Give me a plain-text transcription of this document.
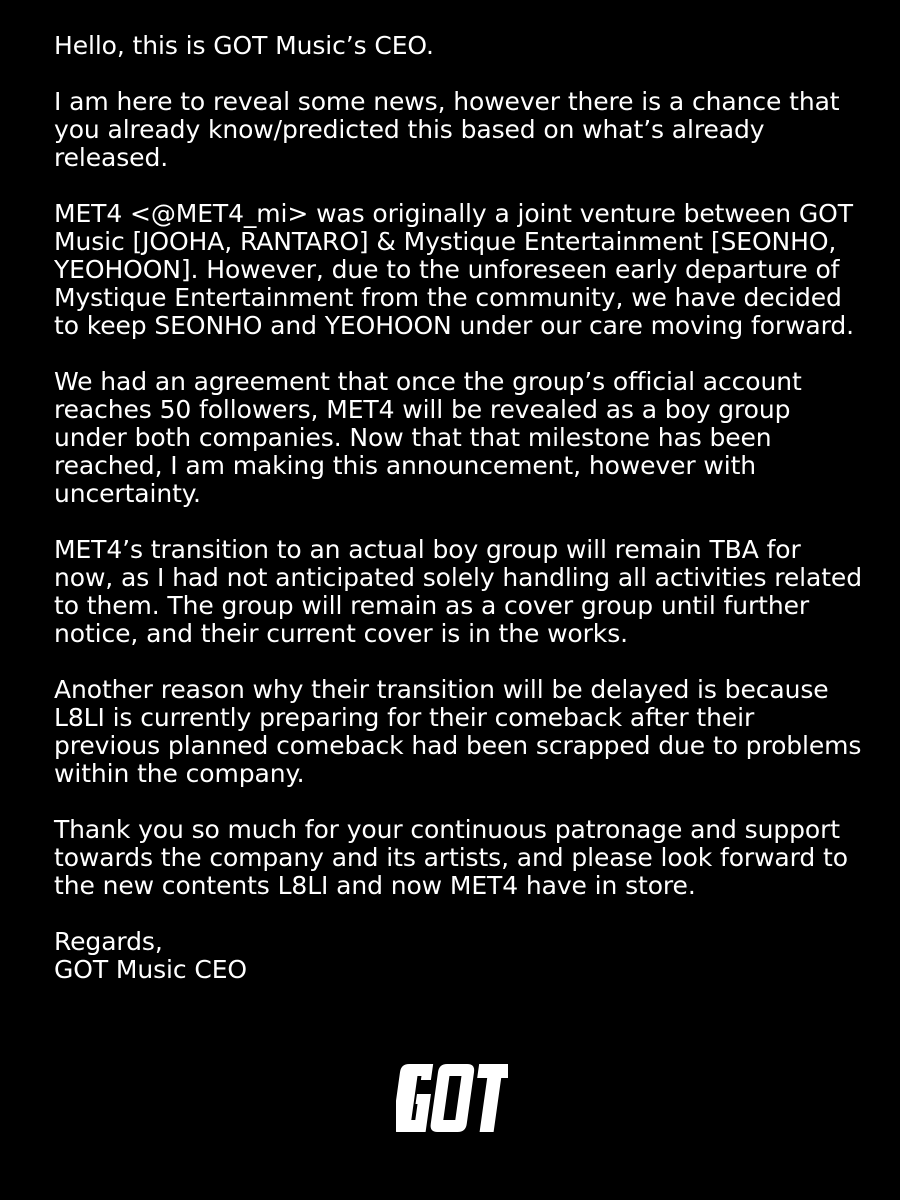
Hello, this is GOT Music’s CEO.

I am here to reveal some news, however there is a chance that you already know/predicted this based on what’s already released.

MET4 <@MET4_mi> was originally a joint venture between GOT Music [JOOHA, RANTARO] & Mystique Entertainment [SEONHO, YEOHOON]. However, due to the unforeseen early departure of Mystique Entertainment from the community, we have decided to keep SEONHO and YEOHOON under our care moving forward.

We had an agreement that once the group’s official account reaches 50 followers, MET4 will be revealed as a boy group under both companies. Now that that milestone has been reached, I am making this announcement, however with uncertainty.

MET4’s transition to an actual boy group will remain TBA for now, as I had not anticipated solely handling all activities related to them. The group will remain as a cover group until further notice, and their current cover is in the works.

Another reason why their transition will be delayed is because L8LI is currently preparing for their comeback after their previous planned comeback had been scrapped due to problems within the company.

Thank you so much for your continuous patronage and support towards the company and its artists, and please look forward to the new contents L8LI and now MET4 have in store.

Regards,
GOT Music CEO
